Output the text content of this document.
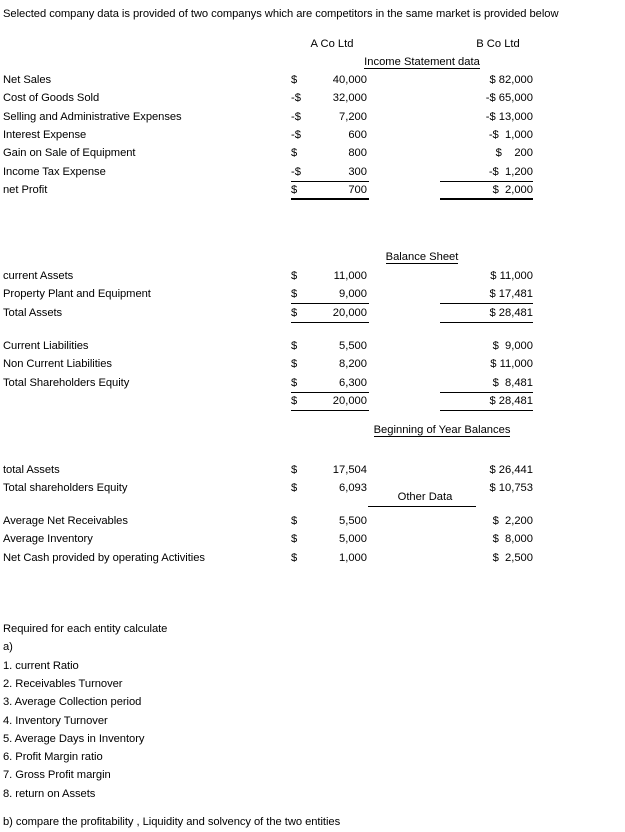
Selected company data is provided of two companys which are competitors in the same market is provided below
A Co Ltd	B Co Ltd
Income Statement data
Balance Sheet
Beginning of Year Balances
Other Data
Net Sales	$	40,000	$ 82,000
Cost of Goods Sold	-$	32,000	-$ 65,000
Selling and Administrative Expenses	-$	7,200	-$ 13,000
Interest Expense	-$	600	-$  1,000
Gain on Sale of Equipment	$	800	$    200
Income Tax Expense	-$	300	-$  1,200
net Profit	$	700	$  2,000
current Assets	$	11,000	$ 11,000
Property Plant and Equipment	$	9,000	$ 17,481
Total Assets	$	20,000	$ 28,481
Current Liabilities	$	5,500	$  9,000
Non Current Liabilities	$	8,200	$ 11,000
Total Shareholders Equity	$	6,300	$  8,481
$	20,000	$ 28,481
total Assets	$	17,504	$ 26,441
Total shareholders Equity	$	6,093	$ 10,753
Average Net Receivables	$	5,500	$  2,200
Average Inventory	$	5,000	$  8,000
Net Cash provided by operating Activities	$	1,000	$  2,500
Required for each entity calculate
a)
1. current Ratio
2. Receivables Turnover
3. Average Collection period
4. Inventory Turnover
5. Average Days in Inventory
6. Profit Margin ratio
7. Gross Profit margin
8. return on Assets
b) compare the profitability , Liquidity and solvency of the two entities
